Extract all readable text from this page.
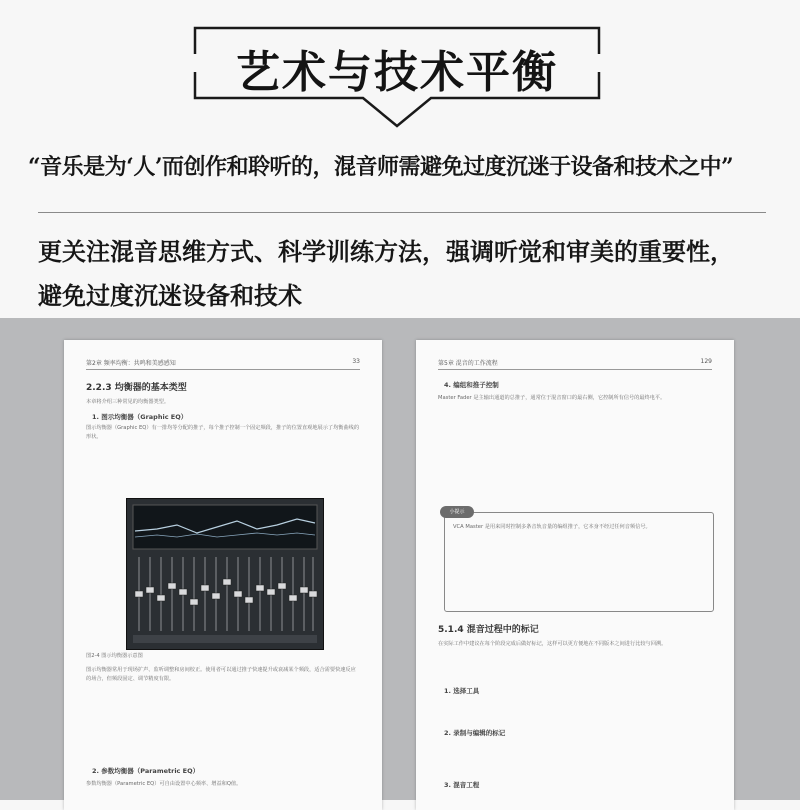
艺术与技术平衡
“音乐是为‘人’而创作和聆听的，混音师需避免过度沉迷于设备和技术之中”
更关注混音思维方式、科学训练方法，强调听觉和审美的重要性，
避免过度沉迷设备和技术
第2章 频率均衡：共鸣和美感感知	33
2.2.3 均衡器的基本类型
本章将介绍三种常见的均衡器类型。
1. 图示均衡器（Graphic EQ）
图示均衡器（Graphic EQ）有一排均等分配的推子，每个推子控制一个固定频段，推子的位置直观地展示了均衡曲线的形状。
图2-4 图示均衡器示意图
图示均衡器常用于现场扩声、监听调整和房间校正。使用者可以通过推子快速提升或衰减某个频段，适合需要快速反应的场合，但频段固定、调节精度有限。
2. 参数均衡器（Parametric EQ）
参数均衡器（Parametric EQ）可自由设置中心频率、增益和Q值。
第5章 混音的工作流程	129
4. 编组和推子控制
Master Fader 是主输出通道的总推子，通常位于混音窗口的最右侧，它控制所有信号的最终电平。
VCA Master 是用来同时控制多条音轨音量的编组推子，它本身不经过任何音频信号。
小提示
5.1.4 混音过程中的标记
在实际工作中建议在每个阶段完成后做好标记，这样可以更方便地在不同版本之间进行比较与回溯。
1. 选择工具
2. 录制与编辑的标记
3. 混音工程
